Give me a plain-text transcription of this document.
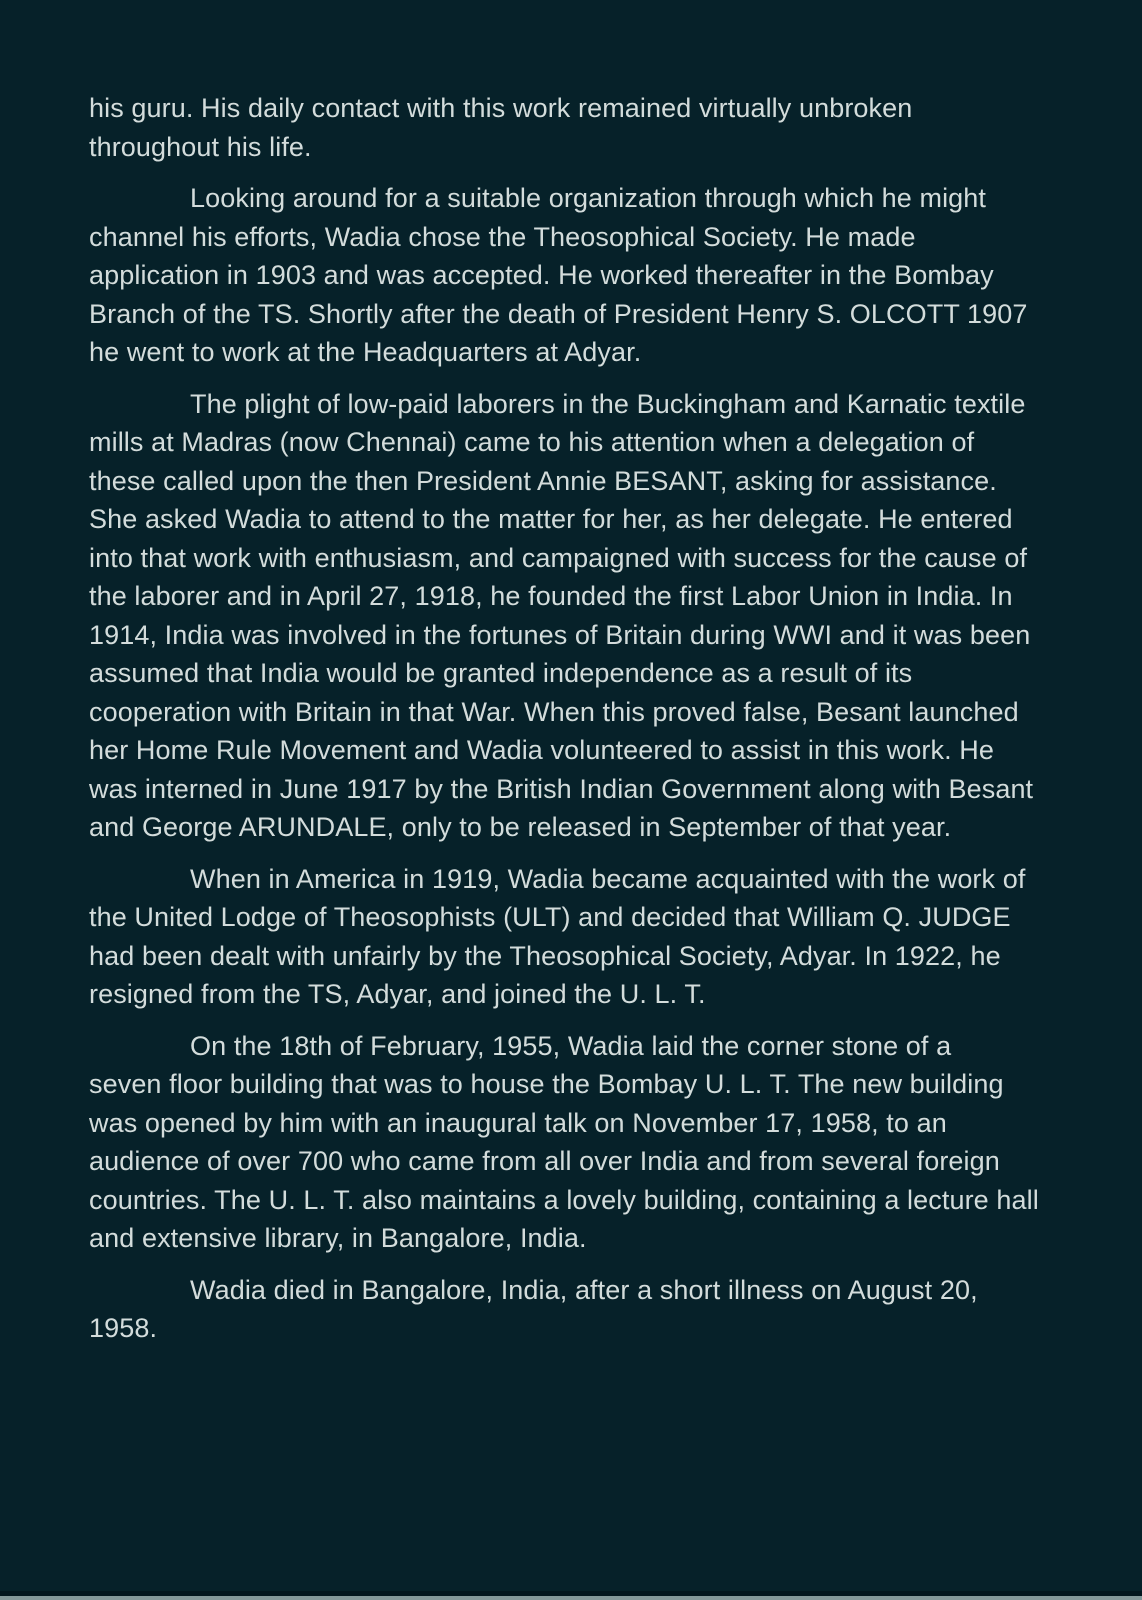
his guru. His daily contact with this work remained virtually unbroken
throughout his life.
Looking around for a suitable organization through which he might
channel his efforts, Wadia chose the Theosophical Society. He made
application in 1903 and was accepted. He worked thereafter in the Bombay
Branch of the TS. Shortly after the death of President Henry S. OLCOTT 1907
he went to work at the Headquarters at Adyar.
The plight of low-paid laborers in the Buckingham and Karnatic textile
mills at Madras (now Chennai) came to his attention when a delegation of
these called upon the then President Annie BESANT, asking for assistance.
She asked Wadia to attend to the matter for her, as her delegate. He entered
into that work with enthusiasm, and campaigned with success for the cause of
the laborer and in April 27, 1918, he founded the first Labor Union in India. In
1914, India was involved in the fortunes of Britain during WWI and it was been
assumed that India would be granted independence as a result of its
cooperation with Britain in that War. When this proved false, Besant launched
her Home Rule Movement and Wadia volunteered to assist in this work. He
was interned in June 1917 by the British Indian Government along with Besant
and George ARUNDALE, only to be released in September of that year.
When in America in 1919, Wadia became acquainted with the work of
the United Lodge of Theosophists (ULT) and decided that William Q. JUDGE
had been dealt with unfairly by the Theosophical Society, Adyar. In 1922, he
resigned from the TS, Adyar, and joined the U. L. T.
On the 18th of February, 1955, Wadia laid the corner stone of a
seven floor building that was to house the Bombay U. L. T. The new building
was opened by him with an inaugural talk on November 17, 1958, to an
audience of over 700 who came from all over India and from several foreign
countries. The U. L. T. also maintains a lovely building, containing a lecture hall
and extensive library, in Bangalore, India.
Wadia died in Bangalore, India, after a short illness on August 20,
1958.
